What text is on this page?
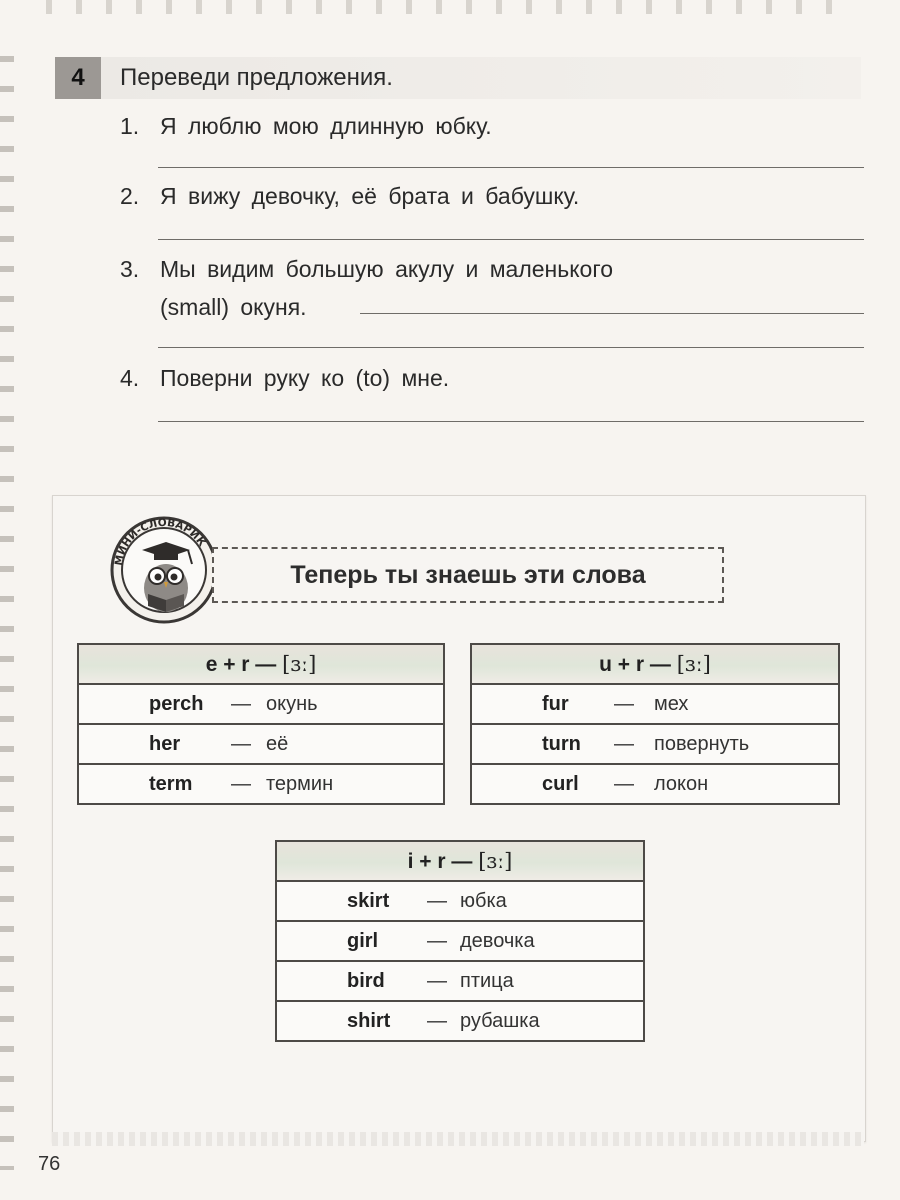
4	Переведи предложения.
1. Я люблю мою длинную юбку.
2. Я вижу девочку, её брата и бабушку.
3. Мы видим большую акулу и маленького
(small) окуня.
4. Поверни руку ко (to) мне.
МИНИ-СЛОВАРИК
Теперь ты знаешь эти слова
e + r — [ɜː]

perch	— окунь

her	— её

term	— термин
u + r — [ɜː]

fur	—	мех

turn	—	повернуть

curl	—	локон
i + r — [ɜː]

skirt	— юбка

girl	— девочка

bird	— птица

shirt	— рубашка
76
